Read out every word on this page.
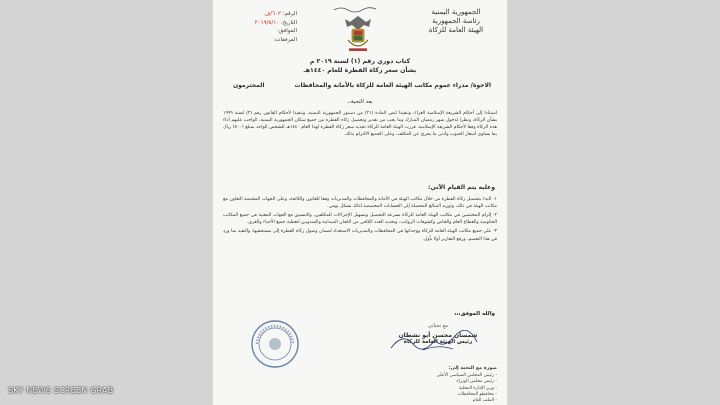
الجمهورية اليمنية
رئاسة الجمهورية
الهيئة العامة للزكاة
الرقم: ٦٠٢/ف
التاريخ: ٢٠١٩/٥/١٠
الموافق:
المرفقات:
كتاب دوري رقم (١) لسنة ٢٠١٩ م
بشأن سعر زكاة الفطرة للعام ١٤٤٠هـ
الاخوة/ مدراء عموم مكاتب الهيئة العامة للزكاة بالأمانة والمحافظات
المحترمون
بعد التحية،،

استنادا إلى أحكام الشريعة الإسلامية الغراء، وتنفيذا لنص المادة (٢١) من دستور الجمهورية اليمنية، وتنفيذا لأحكام القانون رقم (٢) لسنة ١٩٩٩ بشأن الزكاة، ونظرا لدخول شهر رمضان المبارك وما يجب من تقدير وتحصيل زكاة الفطرة من جميع سكان الجمهورية اليمنية، الواجب عليهم أداء هذه الزكاة وفقا لأحكام الشريعة الإسلامية، قررت الهيئة العامة للزكاة تحديد سعر زكاة الفطرة لهذا العام ١٤٤٠هـ للشخص الواحد بمبلغ (٥٠٠) ريال بما يساوي أسعار الحبوب وأدنى ما يجزئ عن المكلف، وعلى الجميع الالتزام بذلك.

وعليه يتم القيام الآتي:

١- البدء بتحصيل زكاة الفطرة من خلال مكاتب الهيئة في الأمانة والمحافظات والمديريات وفقا للقانون واللائحة، وعلى الجهات المختصة التعاون مع مكاتب الهيئة في ذلك، وتوريد المبالغ المحصلة إلى الحسابات المخصصة لذلك بشكل يومي.

٢- إلزام المختصين في مكاتب الهيئة العامة للزكاة بسرعة التحصيل وتسهيل الإجراءات للمكلفين، والتنسيق مع الجهات المعنية في جميع المكاتب الحكومية والقطاع العام والخاص وكشوفات الرواتب، وتحديد العدد الكافي من اللجان الميدانية والمندوبين لتغطية جميع الأحياء والقرى.

٣- على جميع مكاتب الهيئة العامة للزكاة ووحداتها في المحافظات والمديريات الاستعداد لضمان وصول زكاة الفطرة إلى مستحقيها، والتقيد بما ورد في هذا التعميم، ورفع التقارير أولا بأول.

والله الموفق،،،
مع تحياتي
شمسان محسن أبو نشطان
رئيس الهيئة العامة للزكاة
صورة مع التحية إلى:
- رئيس المجلس السياسي الأعلى
- رئيس مجلس الوزراء
- وزير الإدارة المحلية
- محافظو المحافظات
- الملف العام
SKY NEWS SCREEN GRAB
